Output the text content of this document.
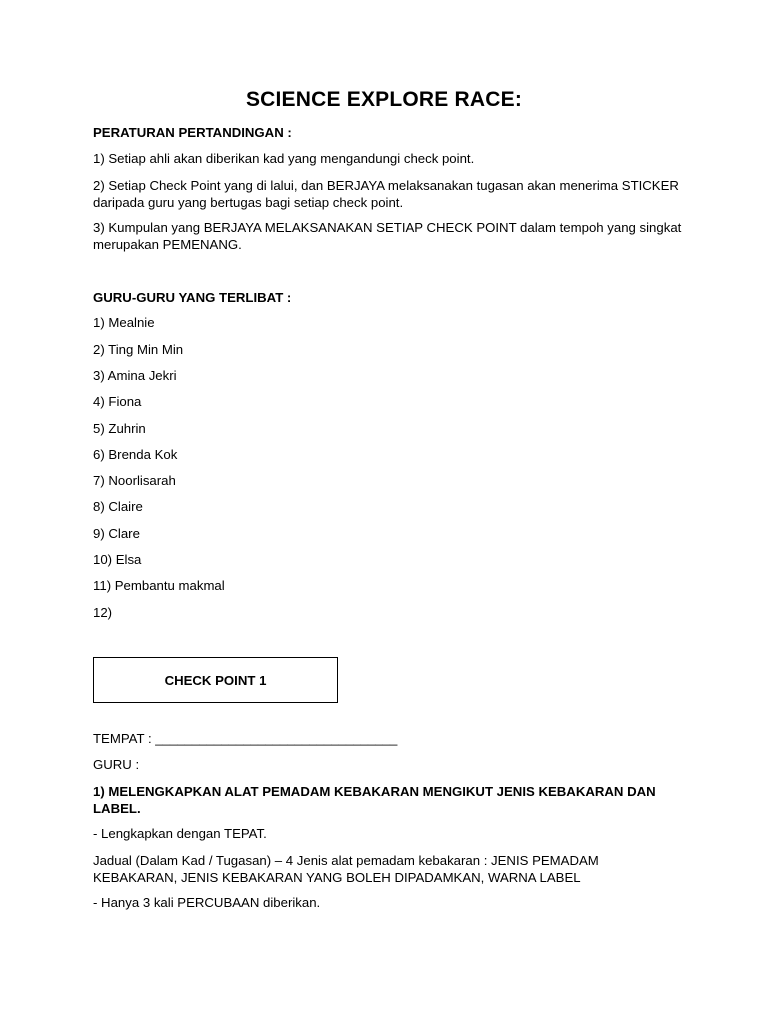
SCIENCE EXPLORE RACE:
PERATURAN PERTANDINGAN :
1) Setiap ahli akan diberikan kad yang mengandungi check point.
2) Setiap Check Point yang di lalui, dan BERJAYA melaksanakan tugasan akan menerima STICKER daripada guru yang bertugas bagi setiap check point.
3) Kumpulan yang BERJAYA MELAKSANAKAN SETIAP CHECK POINT dalam tempoh yang singkat merupakan PEMENANG.
GURU-GURU YANG TERLIBAT :
1) Mealnie
2) Ting Min Min
3) Amina Jekri
4) Fiona
5) Zuhrin
6) Brenda Kok
7) Noorlisarah
8) Claire
9) Clare
10) Elsa
11) Pembantu makmal
12)
CHECK POINT 1
TEMPAT : _________________________________
GURU :
1) MELENGKAPKAN ALAT PEMADAM KEBAKARAN MENGIKUT JENIS KEBAKARAN DAN LABEL.
- Lengkapkan dengan TEPAT.
Jadual (Dalam Kad / Tugasan) – 4 Jenis alat pemadam kebakaran : JENIS PEMADAM KEBAKARAN, JENIS KEBAKARAN YANG BOLEH DIPADAMKAN, WARNA LABEL
- Hanya 3 kali PERCUBAAN diberikan.
